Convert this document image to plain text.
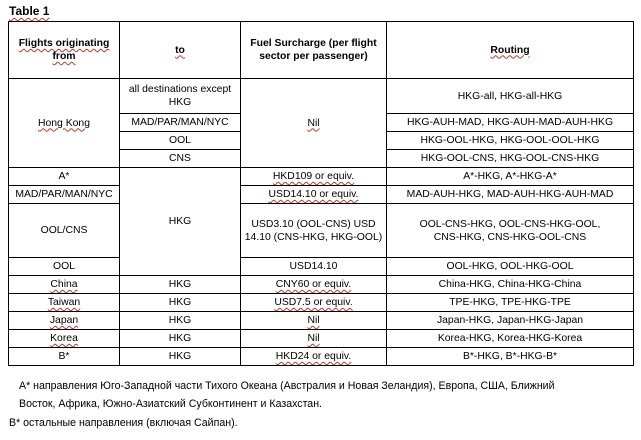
Table 1
Flights originating from	to	Fuel Surcharge (per flight sector per passenger)	Routing
Hong Kong	all destinations except HKG	Nil	HKG-all, HKG-all-HKG
	MAD/PAR/MAN/NYC		HKG-AUH-MAD, HKG-AUH-MAD-AUH-HKG
	OOL		HKG-OOL-HKG, HKG-OOL-OOL-HKG
	CNS		HKG-OOL-CNS, HKG-OOL-CNS-HKG
A*	HKG	HKD109 or equiv.	A*-HKG, A*-HKG-A*
MAD/PAR/MAN/NYC		USD14.10 or equiv.	MAD-AUH-HKG, MAD-AUH-HKG-AUH-MAD
OOL/CNS		USD3.10 (OOL-CNS) USD 14.10 (CNS-HKG, HKG-OOL)	OOL-CNS-HKG, OOL-CNS-HKG-OOL, CNS-HKG, CNS-HKG-OOL-CNS
OOL		USD14.10	OOL-HKG, OOL-HKG-OOL
China	HKG	CNY60 or equiv.	China-HKG, China-HKG-China
Taiwan	HKG	USD7.5 or equiv.	TPE-HKG, TPE-HKG-TPE
Japan	HKG	Nil	Japan-HKG, Japan-HKG-Japan
Korea	HKG	Nil	Korea-HKG, Korea-HKG-Korea
B*	HKG	HKD24 or equiv.	B*-HKG, B*-HKG-B*
A* направления Юго-Западной части Тихого Океана (Австралия и Новая Зеландия), Европа, США, Ближний
Восток, Африка, Южно-Азиатский Субконтинент и Казахстан.
B* остальные направления (включая Сайпан).
